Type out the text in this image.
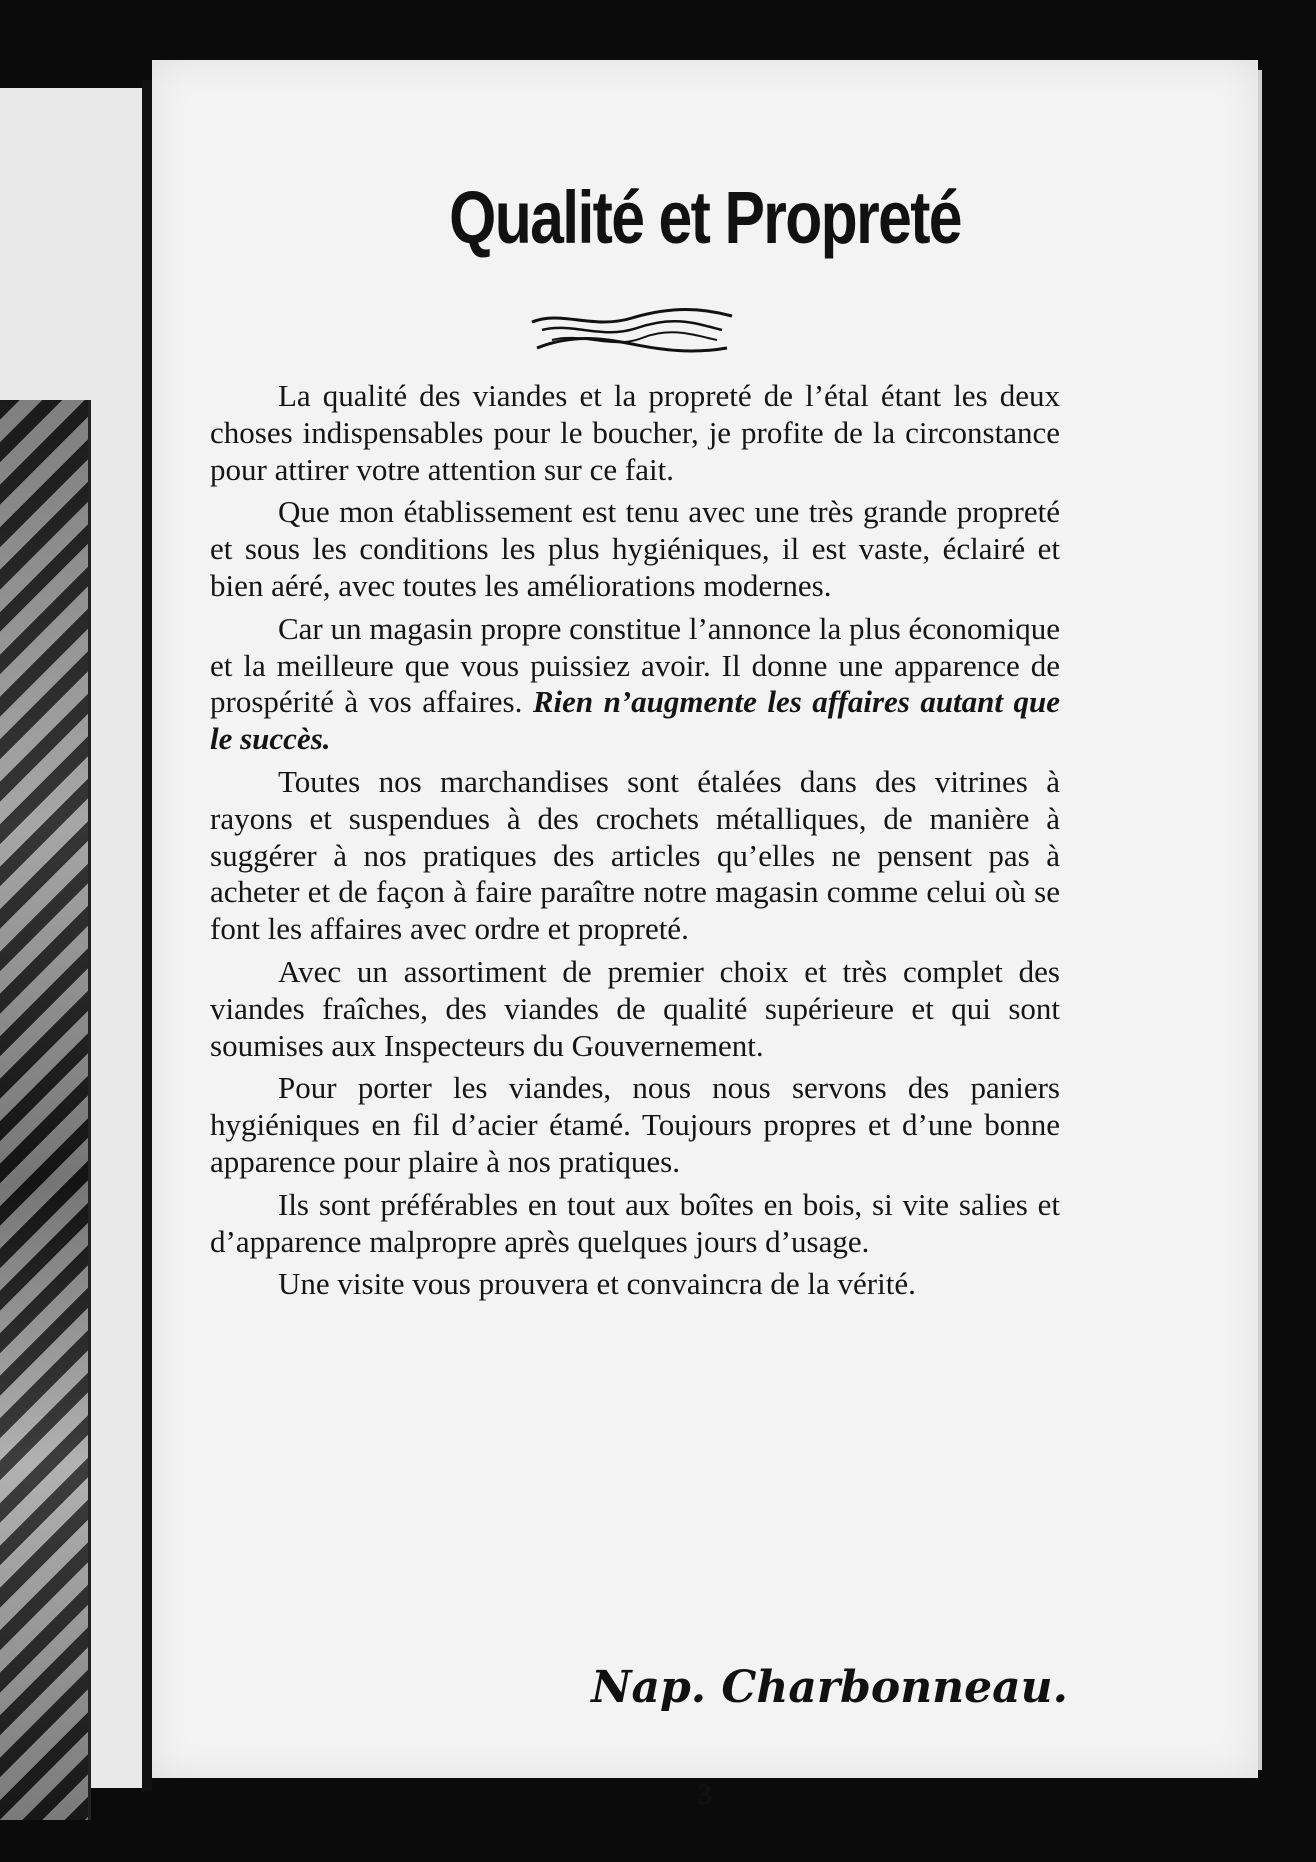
Qualité et Propreté

La qualité des viandes et la propreté de l’étal étant les deux choses indispensables pour le boucher, je profite de la circonstance pour attirer votre attention sur ce fait.

Que mon établissement est tenu avec une très grande propreté et sous les conditions les plus hygiéniques, il est vaste, éclairé et bien aéré, avec toutes les améliorations modernes.

Car un magasin propre constitue l’annonce la plus économique et la meilleure que vous puissiez avoir. Il donne une apparence de prospérité à vos affaires. Rien n’augmente les affaires autant que le succès.

Toutes nos marchandises sont étalées dans des vitrines à rayons et suspendues à des crochets métalliques, de manière à suggérer à nos pratiques des articles qu’elles ne pensent pas à acheter et de façon à faire paraître notre magasin comme celui où se font les affaires avec ordre et propreté.

Avec un assortiment de premier choix et très complet des viandes fraîches, des viandes de qualité supérieure et qui sont soumises aux Inspecteurs du Gouvernement.

Pour porter les viandes, nous nous servons des paniers hygiéniques en fil d’acier étamé. Toujours propres et d’une bonne apparence pour plaire à nos pratiques.

Ils sont préférables en tout aux boîtes en bois, si vite salies et d’apparence malpropre après quelques jours d’usage.

Une visite vous prouvera et convaincra de la vérité.

Nap. Charbonneau.
3
